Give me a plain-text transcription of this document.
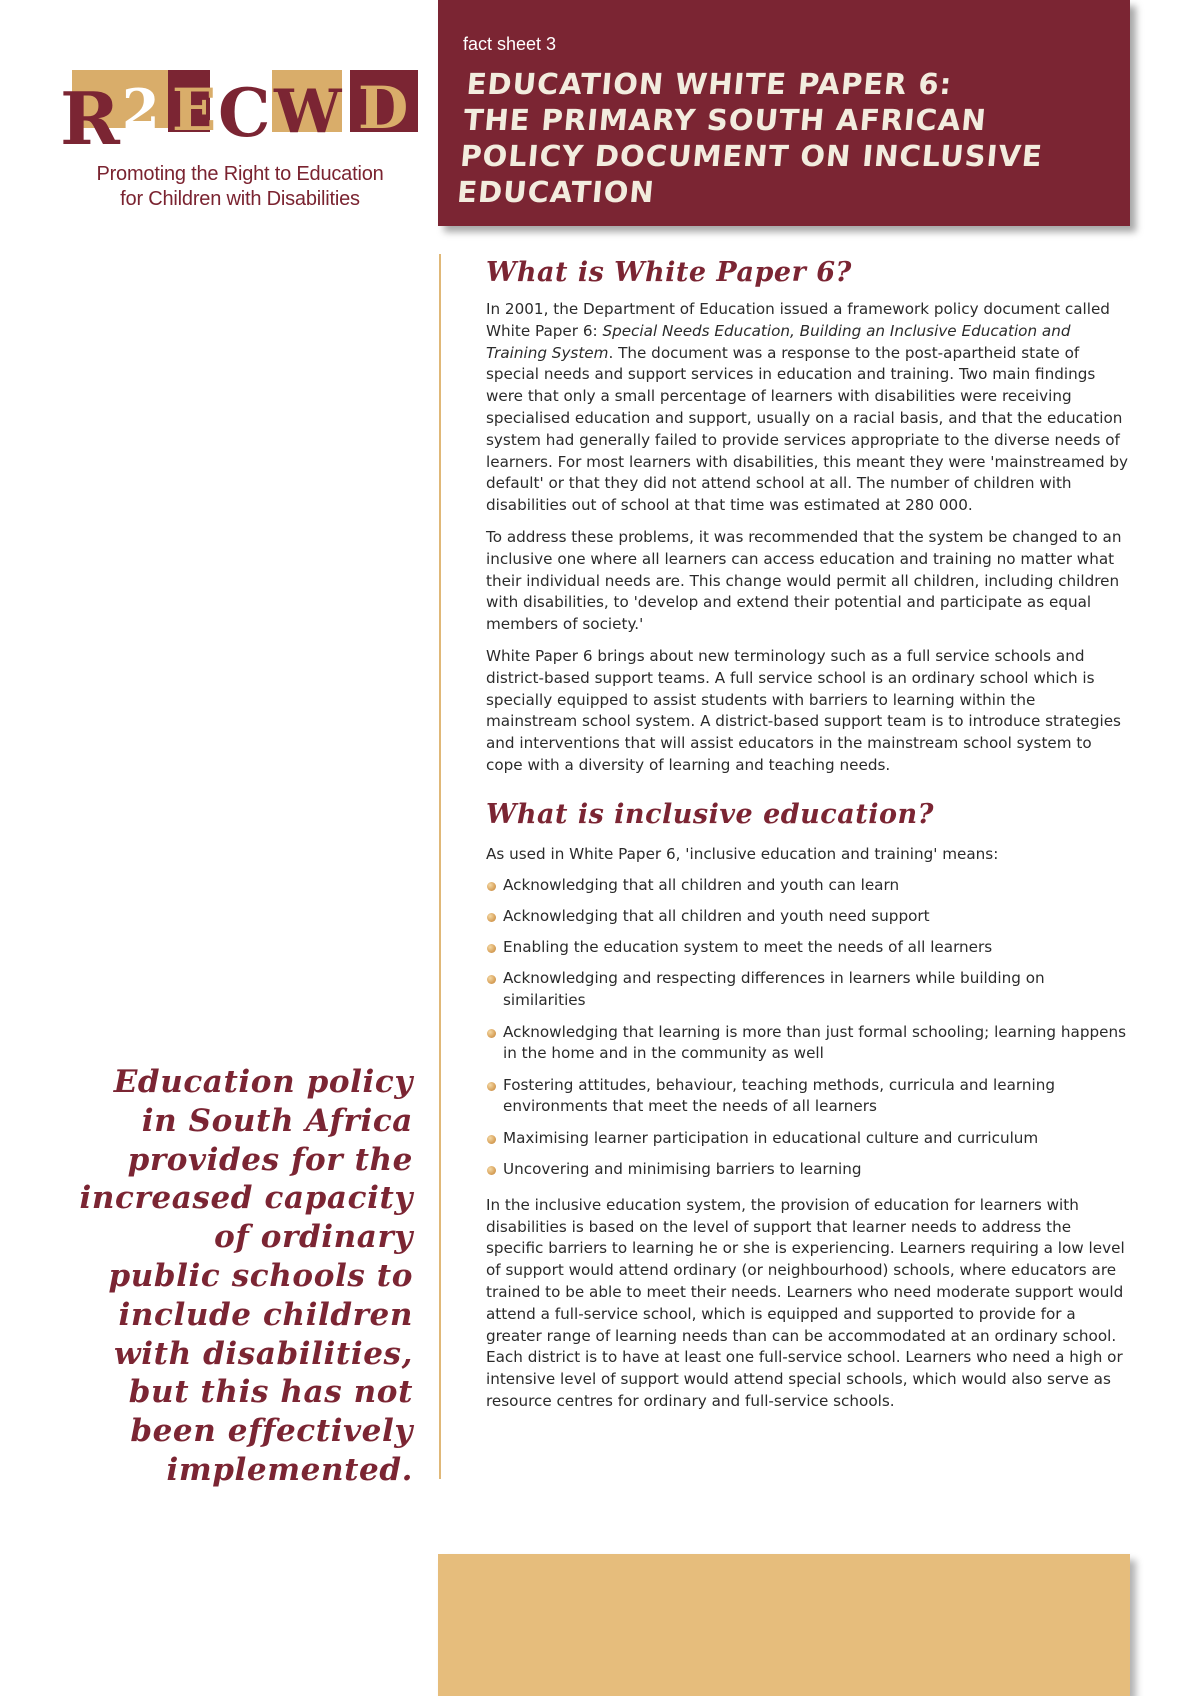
R 2 E C W D
Promoting the Right to Education
for Children with Disabilities
fact sheet 3
EDUCATION WHITE PAPER 6:
THE PRIMARY SOUTH AFRICAN
POLICY DOCUMENT ON INCLUSIVE
EDUCATION
What is White Paper 6?

In 2001, the Department of Education issued a framework policy document called White Paper 6: Special Needs Education, Building an Inclusive Education and Training System. The document was a response to the post-apartheid state of special needs and support services in education and training. Two main findings were that only a small percentage of learners with disabilities were receiving specialised education and support, usually on a racial basis, and that the education system had generally failed to provide services appropriate to the diverse needs of learners. For most learners with disabilities, this meant they were 'mainstreamed by default' or that they did not attend school at all. The number of children with disabilities out of school at that time was estimated at 280 000.

To address these problems, it was recommended that the system be changed to an inclusive one where all learners can access education and training no matter what their individual needs are. This change would permit all children, including children with disabilities, to 'develop and extend their potential and participate as equal members of society.'

White Paper 6 brings about new terminology such as a full service schools and district-based support teams. A full service school is an ordinary school which is specially equipped to assist students with barriers to learning within the mainstream school system. A district-based support team is to introduce strategies and interventions that will assist educators in the mainstream school system to cope with a diversity of learning and teaching needs.

What is inclusive education?

As used in White Paper 6, 'inclusive education and training' means:

Acknowledging that all children and youth can learn
Acknowledging that all children and youth need support
Enabling the education system to meet the needs of all learners
Acknowledging and respecting differences in learners while building on similarities
Acknowledging that learning is more than just formal schooling; learning happens in the home and in the community as well
Fostering attitudes, behaviour, teaching methods, curricula and learning environments that meet the needs of all learners
Maximising learner participation in educational culture and curriculum
Uncovering and minimising barriers to learning

In the inclusive education system, the provision of education for learners with disabilities is based on the level of support that learner needs to address the specific barriers to learning he or she is experiencing. Learners requiring a low level of support would attend ordinary (or neighbourhood) schools, where educators are trained to be able to meet their needs. Learners who need moderate support would attend a full-service school, which is equipped and supported to provide for a greater range of learning needs than can be accommodated at an ordinary school. Each district is to have at least one full-service school. Learners who need a high or intensive level of support would attend special schools, which would also serve as resource centres for ordinary and full-service schools.

Education policy
in South Africa
provides for the
increased capacity
of ordinary
public schools to
include children
with disabilities,
but this has not
been effectively
implemented.
